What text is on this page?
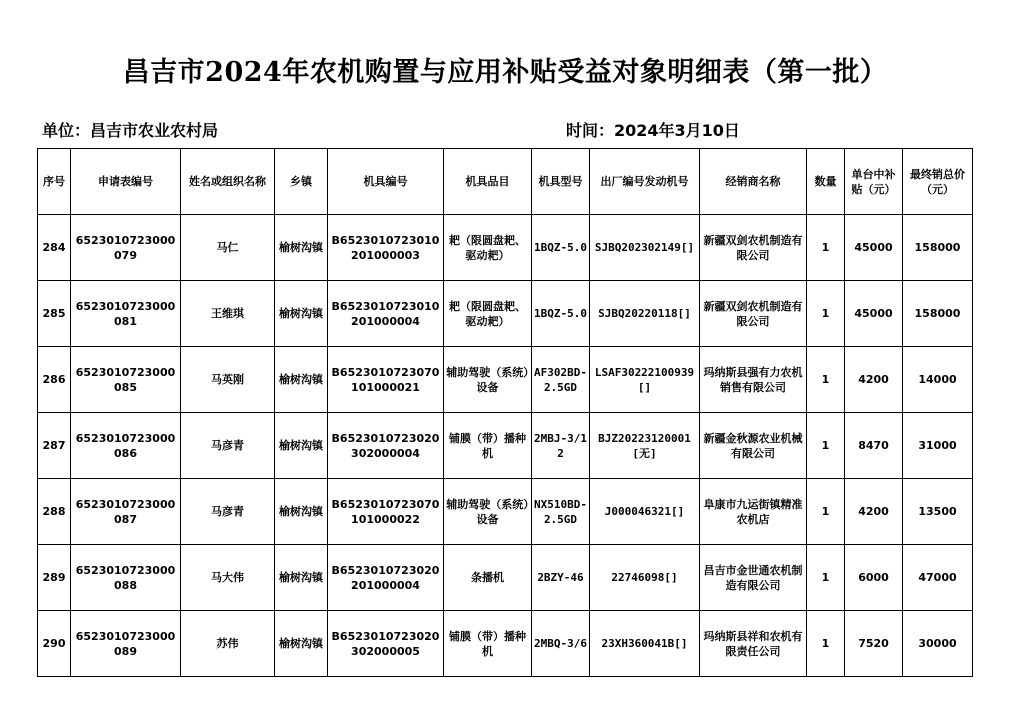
昌吉市2024年农机购置与应用补贴受益对象明细表（第一批）
单位：昌吉市农业农村局	时间：2024年3月10日
序号	申请表编号	姓名或组织名称	乡镇	机具编号	机具品目	机具型号	出厂编号发动机号	经销商名称	数量	单台中补贴（元）	最终销总价（元）
284	6523010723000079	马仁	榆树沟镇	B6523010723010201000003	耙（限圆盘耙、驱动耙）	1BQZ-5.0	SJBQ202302149[]	新疆双剑农机制造有限公司	1	45000	158000
285	6523010723000081	王维琪	榆树沟镇	B6523010723010201000004	耙（限圆盘耙、驱动耙）	1BQZ-5.0	SJBQ20220118[]	新疆双剑农机制造有限公司	1	45000	158000
286	6523010723000085	马英刚	榆树沟镇	B6523010723070101000021	辅助驾驶（系统）设备	AF302BD-2.5GD	LSAF30222100939[]	玛纳斯县强有力农机销售有限公司	1	4200	14000
287	6523010723000086	马彦青	榆树沟镇	B6523010723020302000004	铺膜（带）播种机	2MBJ-3/12	BJZ20223120001[无]	新疆金秋源农业机械有限公司	1	8470	31000
288	6523010723000087	马彦青	榆树沟镇	B6523010723070101000022	辅助驾驶（系统）设备	NX510BD-2.5GD	J000046321[]	阜康市九运街镇精准农机店	1	4200	13500
289	6523010723000088	马大伟	榆树沟镇	B6523010723020201000004	条播机	2BZY-46	22746098[]	昌吉市金世通农机制造有限公司	1	6000	47000
290	6523010723000089	苏伟	榆树沟镇	B6523010723020302000005	铺膜（带）播种机	2MBQ-3/6	23XH360041B[]	玛纳斯县祥和农机有限责任公司	1	7520	30000
